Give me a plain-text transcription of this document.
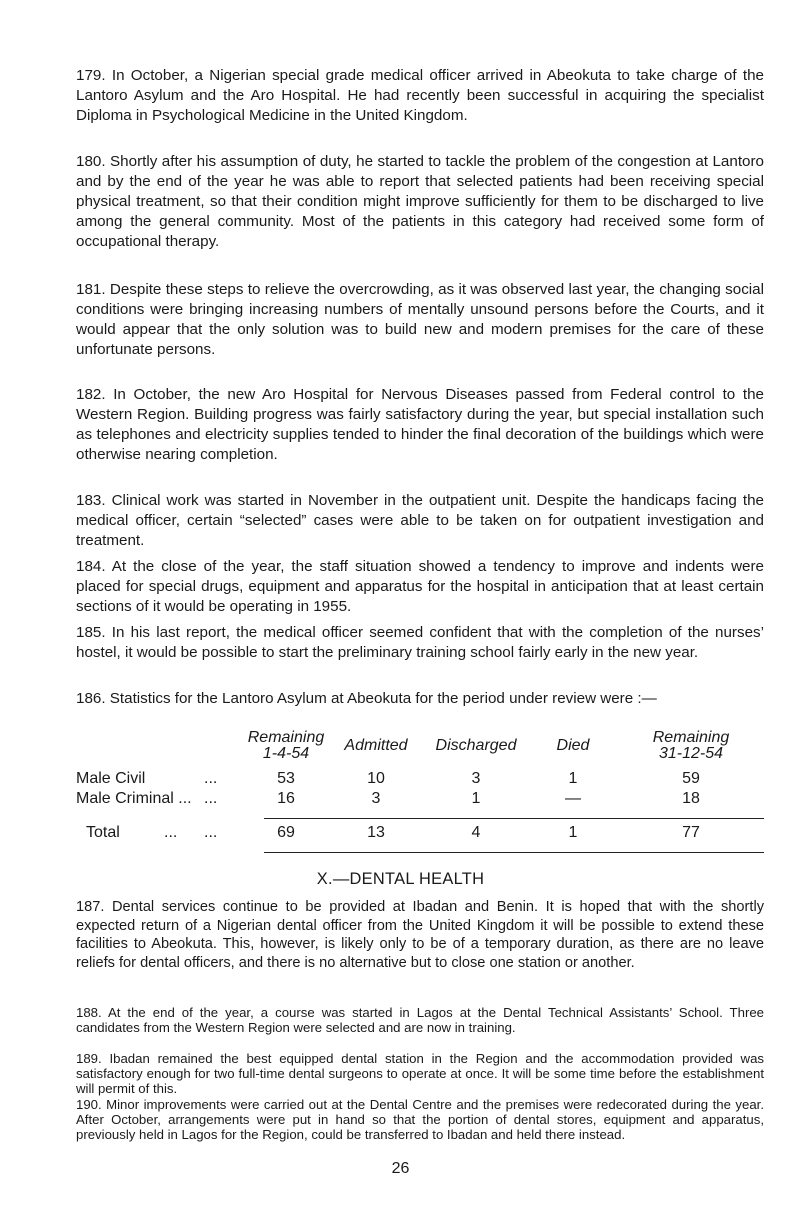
179. In October, a Nigerian special grade medical officer arrived in Abeokuta to take charge of the Lantoro Asylum and the Aro Hospital. He had recently been successful in acquiring the specialist Diploma in Psychological Medicine in the United Kingdom.

180. Shortly after his assumption of duty, he started to tackle the problem of the congestion at Lantoro and by the end of the year he was able to report that selected patients had been receiving special physical treatment, so that their condition might improve sufficiently for them to be discharged to live among the general community. Most of the patients in this category had received some form of occupational therapy.

181. Despite these steps to relieve the overcrowding, as it was observed last year, the changing social conditions were bringing increasing numbers of mentally unsound persons before the Courts, and it would appear that the only solution was to build new and modern premises for the care of these unfortunate persons.

182. In October, the new Aro Hospital for Nervous Diseases passed from Federal control to the Western Region. Building progress was fairly satisfactory during the year, but special installation such as telephones and electricity supplies tended to hinder the final decoration of the buildings which were otherwise nearing completion.

183. Clinical work was started in November in the outpatient unit. Despite the handicaps facing the medical officer, certain “selected” cases were able to be taken on for outpatient investigation and treatment.

184. At the close of the year, the staff situation showed a tendency to improve and indents were placed for special drugs, equipment and apparatus for the hospital in anticipation that at least certain sections of it would be operating in 1955.

185. In his last report, the medical officer seemed confident that with the completion of the nurses’ hostel, it would be possible to start the preliminary training school fairly early in the new year.

186. Statistics for the Lantoro Asylum at Abeokuta for the period under review were :—

Remaining
1-4-54	Admitted	Discharged	Died	Remaining
31-12-54
Male Civil	...	53	10	3	1	59
Male Criminal ... ...	16	3	1	—	18
Total	... ...	69	13	4	1	77
X.—DENTAL HEALTH

187. Dental services continue to be provided at Ibadan and Benin. It is hoped that with the shortly expected return of a Nigerian dental officer from the United Kingdom it will be possible to extend these facilities to Abeokuta. This, however, is likely only to be of a temporary duration, as there are no leave reliefs for dental officers, and there is no alternative but to close one station or another.

26

188. At the end of the year, a course was started in Lagos at the Dental Technical Assistants’ School. Three candidates from the Western Region were selected and are now in training.

189. Ibadan remained the best equipped dental station in the Region and the accommodation provided was satisfactory enough for two full-time dental surgeons to operate at once. It will be some time before the establishment will permit of this.

190. Minor improvements were carried out at the Dental Centre and the premises were redecorated during the year. After October, arrangements were put in hand so that the portion of dental stores, equipment and apparatus, previously held in Lagos for the Region, could be transferred to Ibadan and held there instead.
